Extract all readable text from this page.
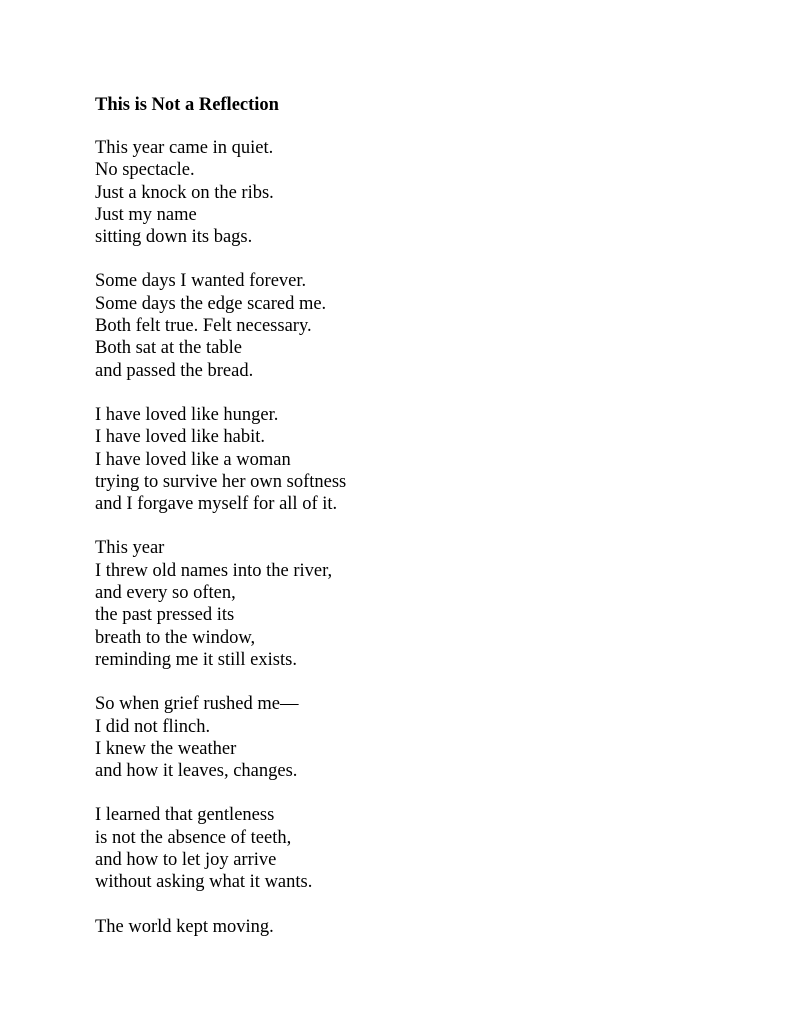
This is Not a Reflection
This year came in quiet.
No spectacle.
Just a knock on the ribs.
Just my name
sitting down its bags.
Some days I wanted forever.
Some days the edge scared me.
Both felt true. Felt necessary.
Both sat at the table
and passed the bread.
I have loved like hunger.
I have loved like habit.
I have loved like a woman
trying to survive her own softness
and I forgave myself for all of it.
This year
I threw old names into the river,
and every so often,
the past pressed its
breath to the window,
reminding me it still exists.
So when grief rushed me—
I did not flinch.
I knew the weather
and how it leaves, changes.
I learned that gentleness
is not the absence of teeth,
and how to let joy arrive
without asking what it wants.
The world kept moving.
